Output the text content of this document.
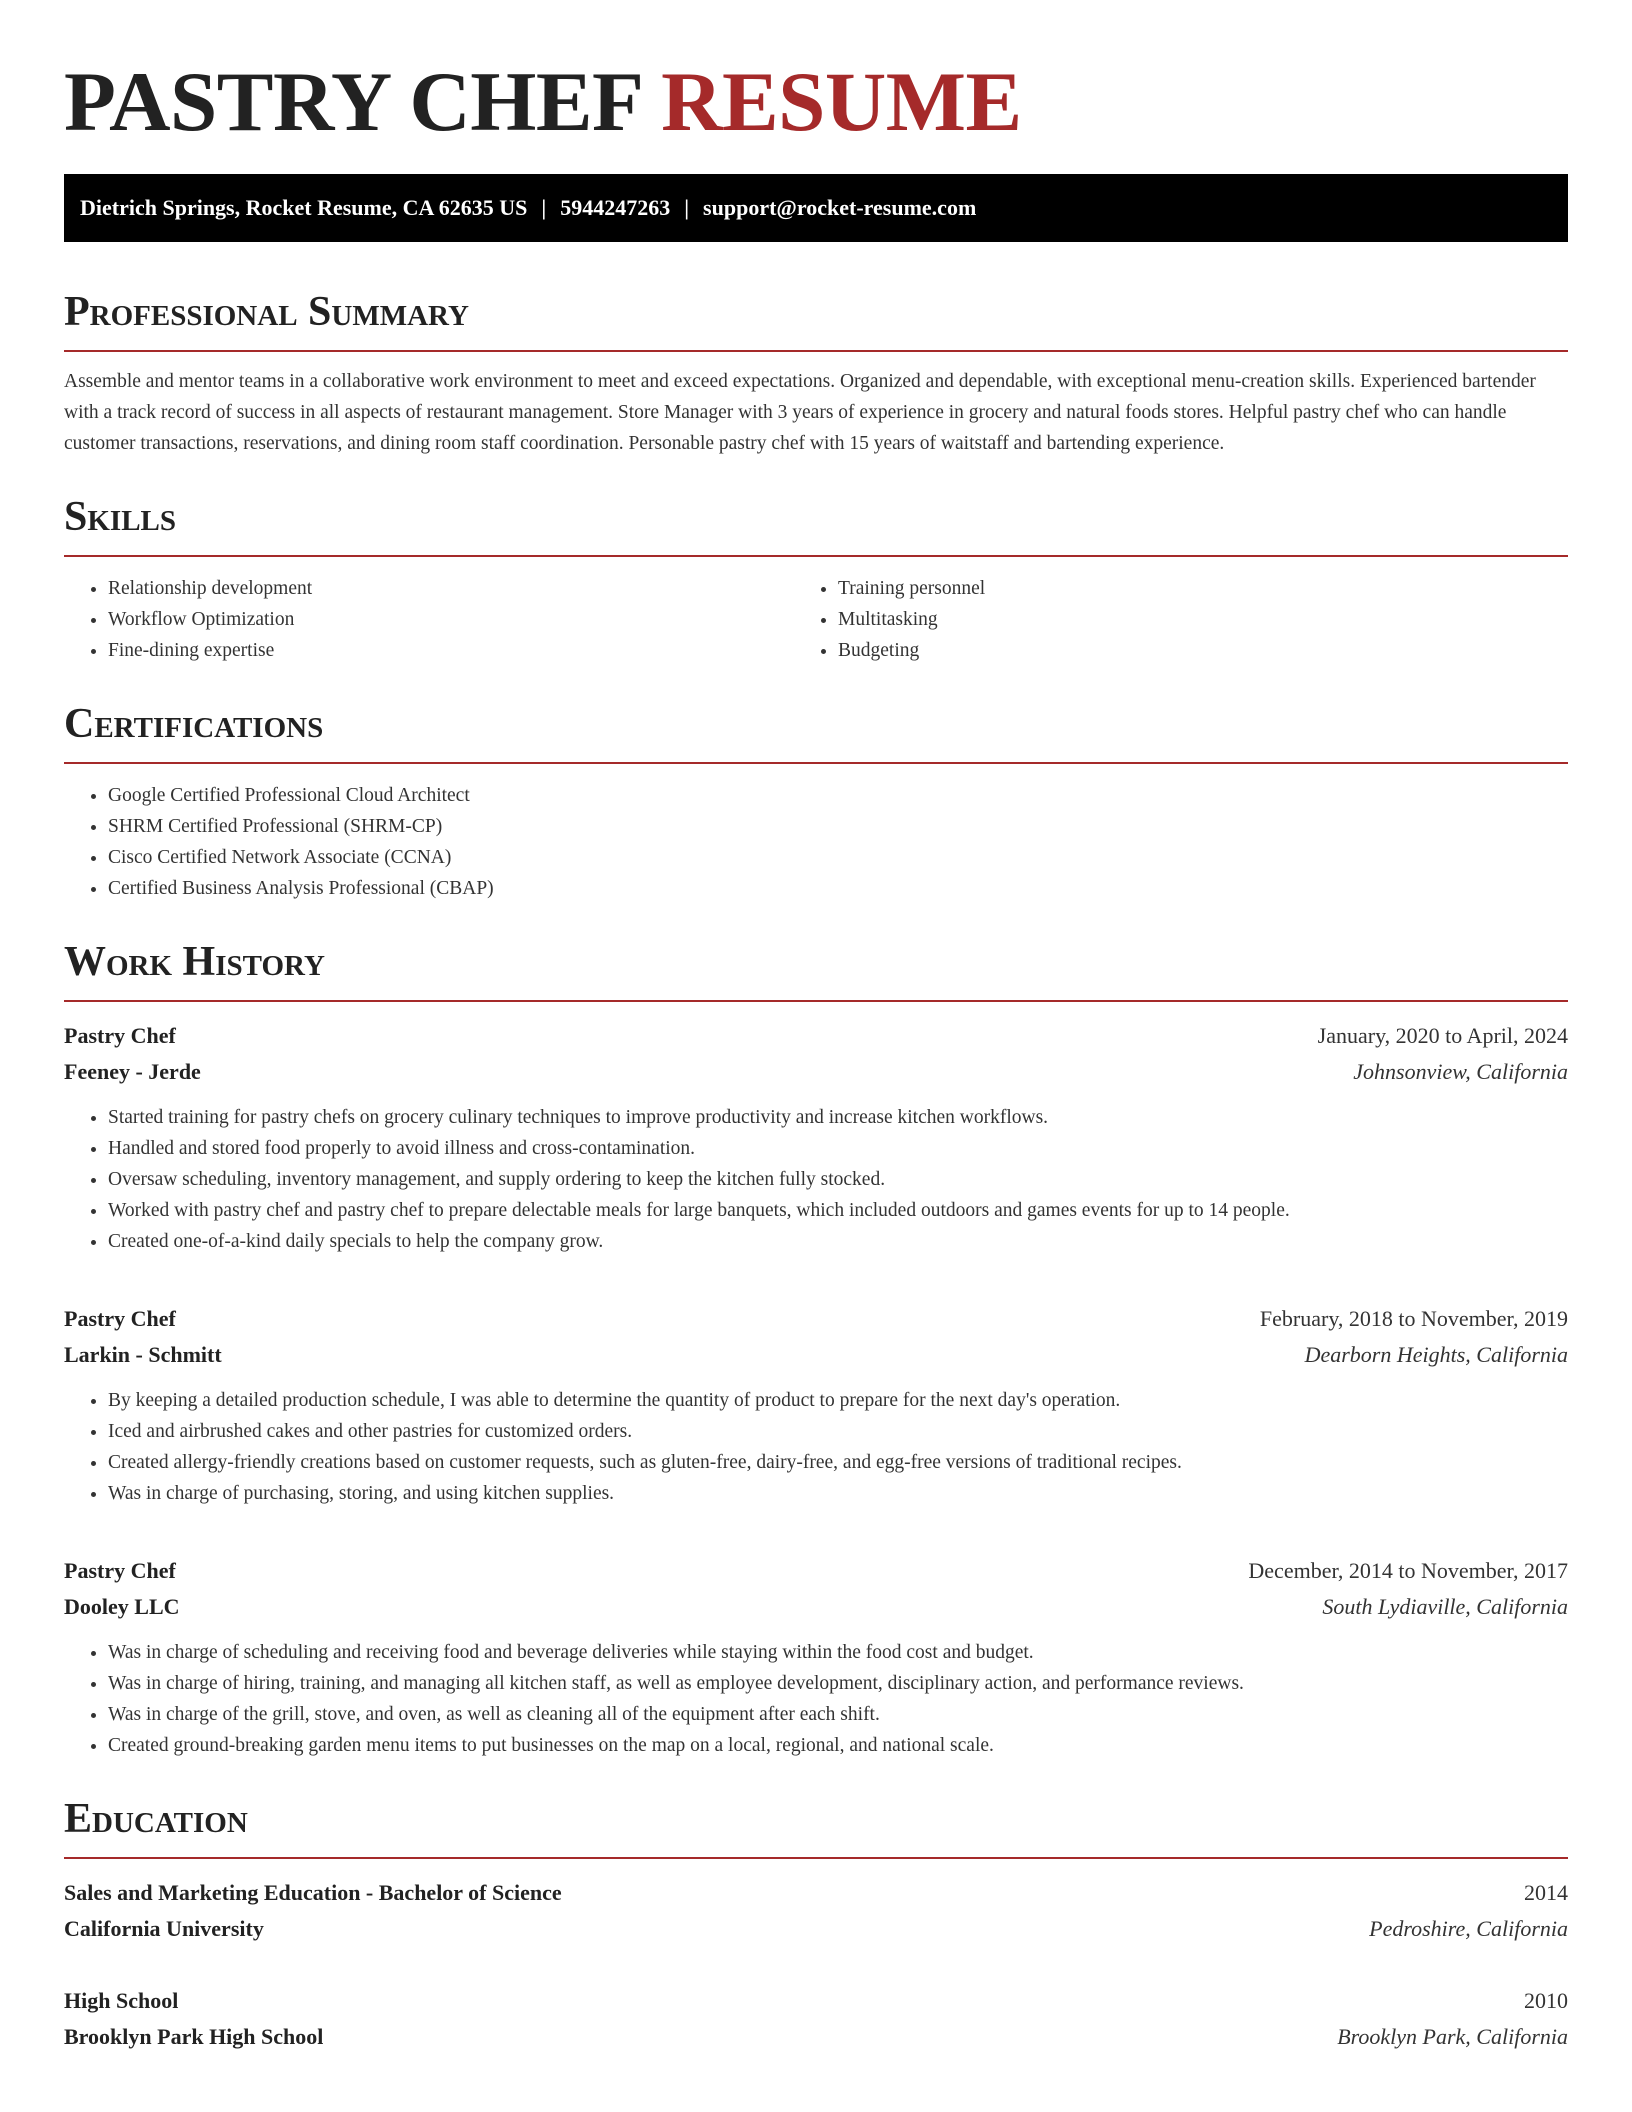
PASTRY CHEF RESUME
Dietrich Springs, Rocket Resume, CA 62635 US | 5944247263 | support@rocket-resume.com
Professional Summary

Assemble and mentor teams in a collaborative work environment to meet and exceed expectations. Organized and dependable, with exceptional menu-creation skills. Experienced bartender with a track record of success in all aspects of restaurant management. Store Manager with 3 years of experience in grocery and natural foods stores. Helpful pastry chef who can handle customer transactions, reservations, and dining room staff coordination. Personable pastry chef with 15 years of waitstaff and bartending experience.

Skills
• Relationship development
• Workflow Optimization
• Fine-dining expertise
• Training personnel
• Multitasking
• Budgeting
Certifications
• Google Certified Professional Cloud Architect
• SHRM Certified Professional (SHRM-CP)
• Cisco Certified Network Associate (CCNA)
• Certified Business Analysis Professional (CBAP)
Work History
Pastry Chef	January, 2020 to April, 2024
Feeney - Jerde	Johnsonview, California
• Started training for pastry chefs on grocery culinary techniques to improve productivity and increase kitchen workflows.
• Handled and stored food properly to avoid illness and cross-contamination.
• Oversaw scheduling, inventory management, and supply ordering to keep the kitchen fully stocked.
• Worked with pastry chef and pastry chef to prepare delectable meals for large banquets, which included outdoors and games events for up to 14 people.
• Created one-of-a-kind daily specials to help the company grow.
Pastry Chef	February, 2018 to November, 2019
Larkin - Schmitt	Dearborn Heights, California
• By keeping a detailed production schedule, I was able to determine the quantity of product to prepare for the next day's operation.
• Iced and airbrushed cakes and other pastries for customized orders.
• Created allergy-friendly creations based on customer requests, such as gluten-free, dairy-free, and egg-free versions of traditional recipes.
• Was in charge of purchasing, storing, and using kitchen supplies.
Pastry Chef	December, 2014 to November, 2017
Dooley LLC	South Lydiaville, California
• Was in charge of scheduling and receiving food and beverage deliveries while staying within the food cost and budget.
• Was in charge of hiring, training, and managing all kitchen staff, as well as employee development, disciplinary action, and performance reviews.
• Was in charge of the grill, stove, and oven, as well as cleaning all of the equipment after each shift.
• Created ground-breaking garden menu items to put businesses on the map on a local, regional, and national scale.
Education
Sales and Marketing Education - Bachelor of Science	2014
California University	Pedroshire, California
High School	2010
Brooklyn Park High School	Brooklyn Park, California
